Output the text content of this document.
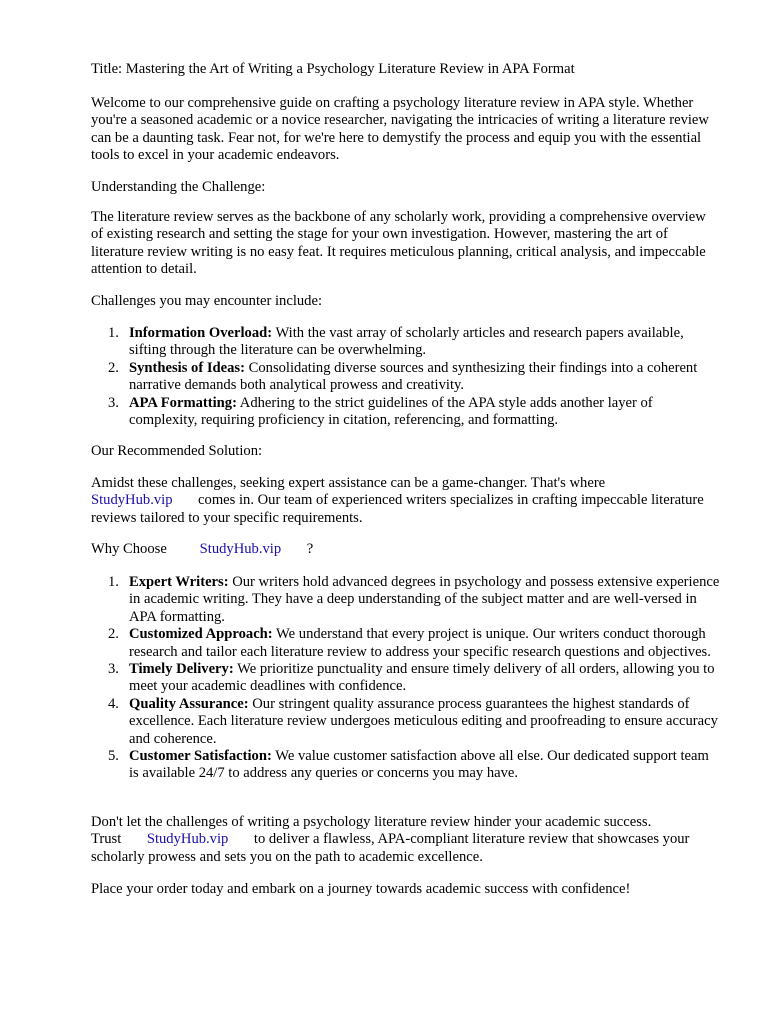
Title: Mastering the Art of Writing a Psychology Literature Review in APA Format

Welcome to our comprehensive guide on crafting a psychology literature review in APA style. Whether you're a seasoned academic or a novice researcher, navigating the intricacies of writing a literature review can be a daunting task. Fear not, for we're here to demystify the process and equip you with the essential tools to excel in your academic endeavors.

Understanding the Challenge:

The literature review serves as the backbone of any scholarly work, providing a comprehensive overview of existing research and setting the stage for your own investigation. However, mastering the art of literature review writing is no easy feat. It requires meticulous planning, critical analysis, and impeccable attention to detail.

Challenges you may encounter include:

1. Information Overload: With the vast array of scholarly articles and research papers available, sifting through the literature can be overwhelming.
2. Synthesis of Ideas: Consolidating diverse sources and synthesizing their findings into a coherent narrative demands both analytical prowess and creativity.
3. APA Formatting: Adhering to the strict guidelines of the APA style adds another layer of complexity, requiring proficiency in citation, referencing, and formatting.

Our Recommended Solution:

Amidst these challenges, seeking expert assistance can be a game-changer. That's where
StudyHub.vip comes in. Our team of experienced writers specializes in crafting impeccable literature reviews tailored to your specific requirements.

Why Choose StudyHub.vip ?

1. Expert Writers: Our writers hold advanced degrees in psychology and possess extensive experience in academic writing. They have a deep understanding of the subject matter and are well-versed in APA formatting.
2. Customized Approach: We understand that every project is unique. Our writers conduct thorough research and tailor each literature review to address your specific research questions and objectives.
3. Timely Delivery: We prioritize punctuality and ensure timely delivery of all orders, allowing you to meet your academic deadlines with confidence.
4. Quality Assurance: Our stringent quality assurance process guarantees the highest standards of excellence. Each literature review undergoes meticulous editing and proofreading to ensure accuracy and coherence.
5. Customer Satisfaction: We value customer satisfaction above all else. Our dedicated support team is available 24/7 to address any queries or concerns you may have.

Don't let the challenges of writing a psychology literature review hinder your academic success.
Trust StudyHub.vip to deliver a flawless, APA-compliant literature review that showcases your scholarly prowess and sets you on the path to academic excellence.

Place your order today and embark on a journey towards academic success with confidence!
